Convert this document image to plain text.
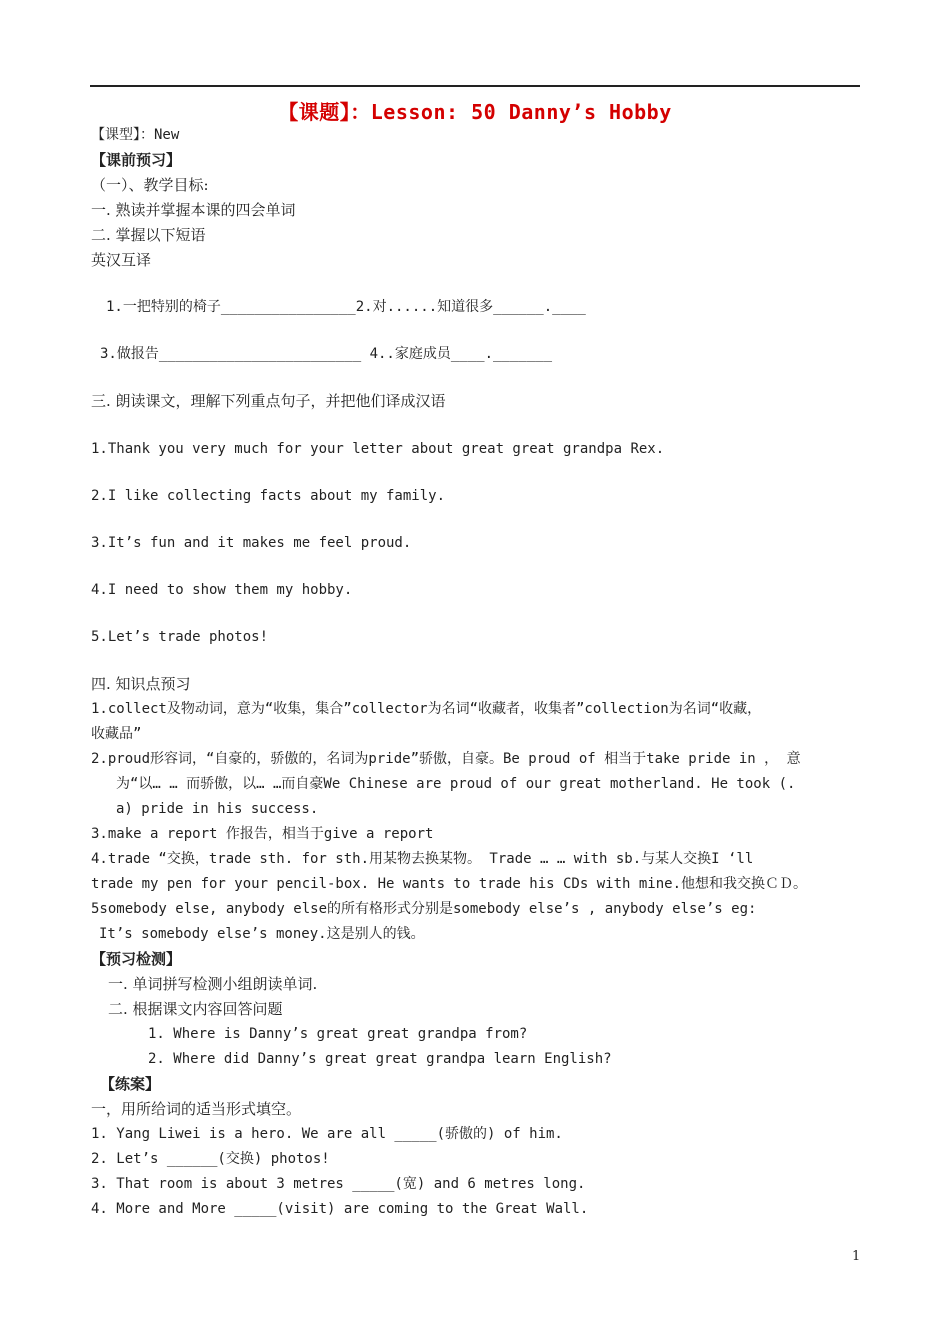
【课题】：Lesson: 50 Danny’s Hobby
【课型】：New
【课前预习】
（一）、教学目标:
一. 熟读并掌握本课的四会单词
二. 掌握以下短语
英汉互译
1.一把特别的椅子________________2.对......知道很多______.____
3.做报告________________________ 4..家庭成员____._______
三. 朗读课文，理解下列重点句子，并把他们译成汉语
1.Thank you very much for your letter about great great grandpa Rex.
2.I like collecting facts about my family.
3.It’s fun and it makes me feel proud.
4.I need to show them my hobby.
5.Let’s trade photos!
四. 知识点预习
1.collect及物动词，意为“收集，集合”collector为名词“收藏者，收集者”collection为名词“收藏，
收藏品”
2.proud形容词，“自豪的，骄傲的，名词为pride”骄傲，自豪。Be proud of 相当于take pride in ， 意
为“以… … 而骄傲，以… …而自豪We Chinese are proud of our great motherland. He took (.
a) pride in his success.
3.make a report 作报告，相当于give a report
4.trade “交换，trade sth. for sth.用某物去换某物。 Trade … … with sb.与某人交换I ‘ll
trade my pen for your pencil-box. He wants to trade his CDs with mine.他想和我交换ＣＤ。
5somebody else, anybody else的所有格形式分别是somebody else’s , anybody else’s eg:
It’s somebody else’s money.这是别人的钱。
【预习检测】
一. 单词拼写检测小组朗读单词.
二. 根据课文内容回答问题
1. Where is Danny’s great great grandpa from?
2. Where did Danny’s great great grandpa learn English?
【练案】
一，用所给词的适当形式填空。
1. Yang Liwei is a hero. We are all _____(骄傲的) of him.
2. Let’s ______(交换) photos!
3. That room is about 3 metres _____(宽) and 6 metres long.
4. More and More _____(visit) are coming to the Great Wall.
1
